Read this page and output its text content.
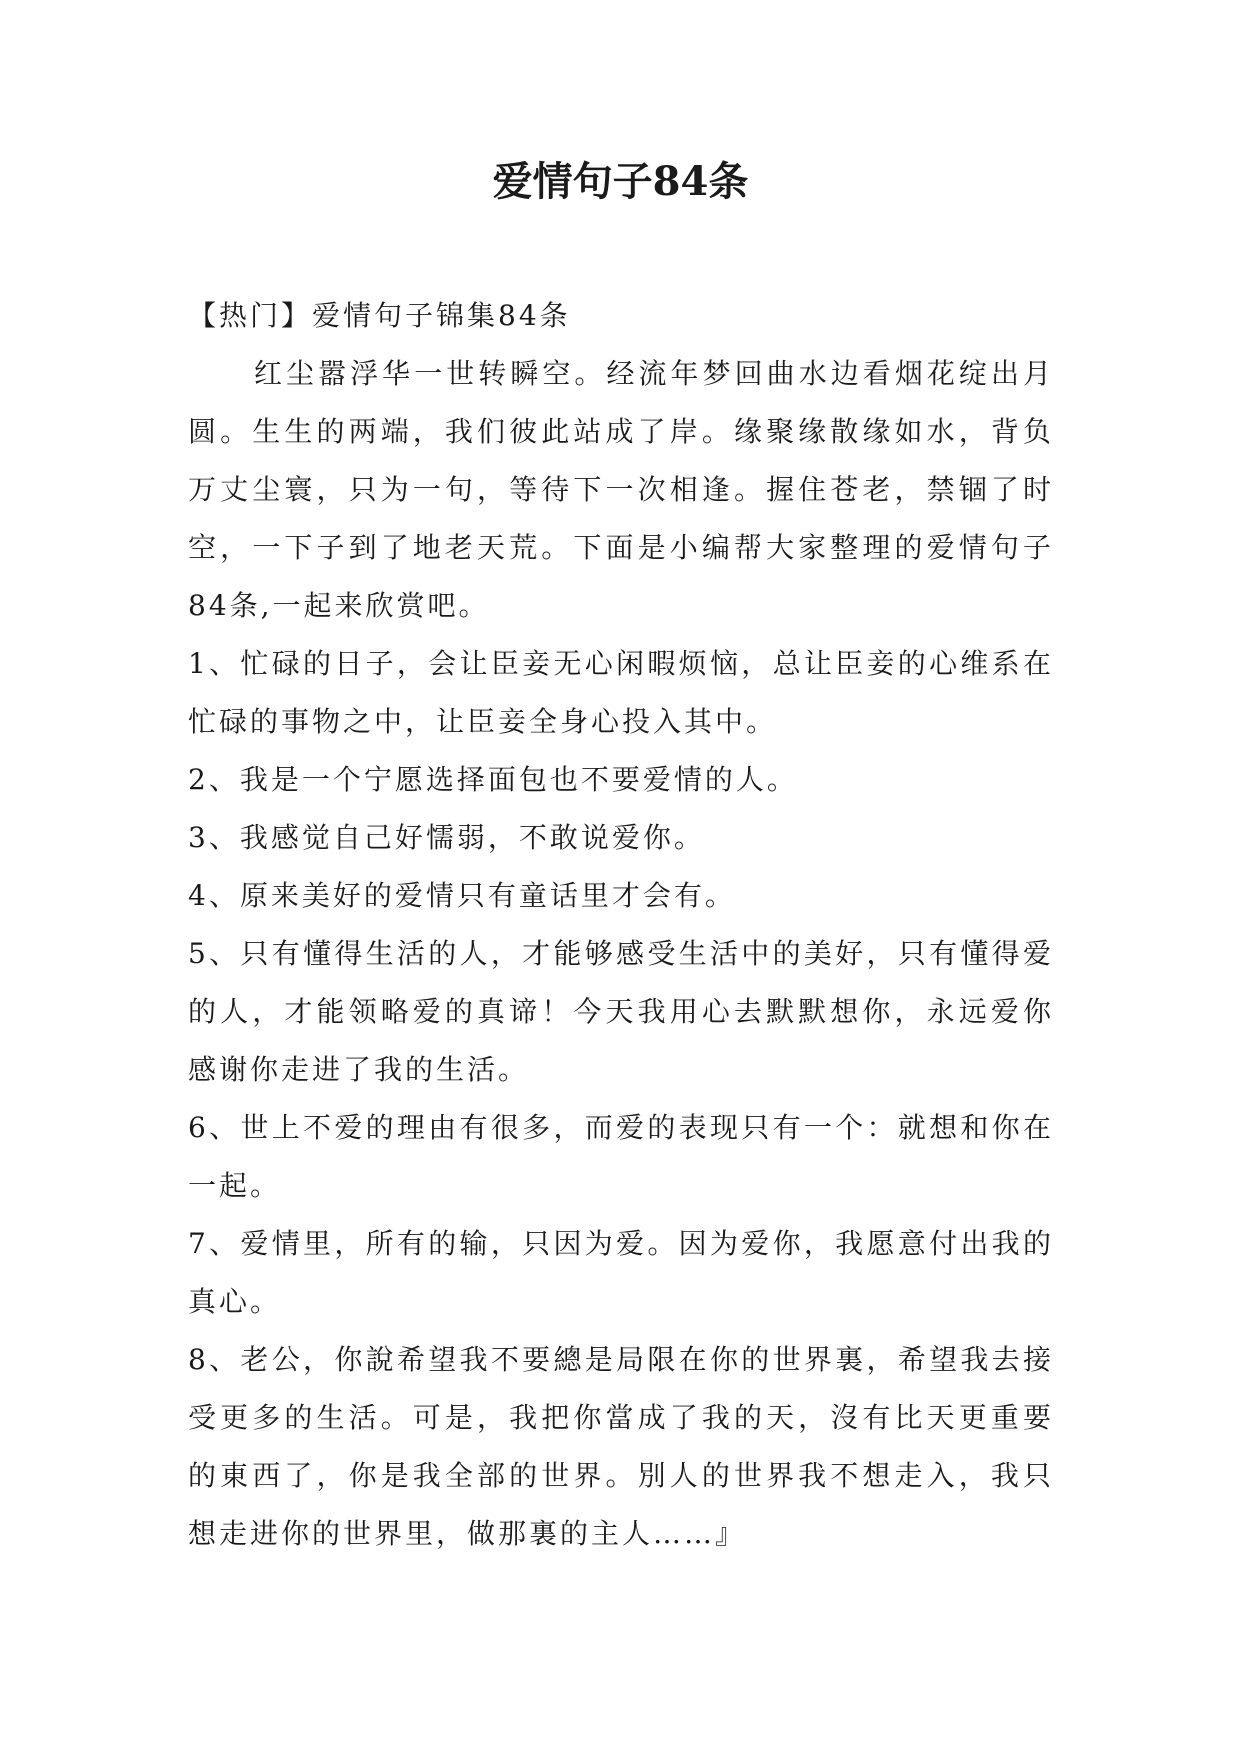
爱情句子84条

【热门】爱情句子锦集84条

红尘嚣浮华一世转瞬空。经流年梦回曲水边看烟花绽出月圆。生生的两端，我们彼此站成了岸。缘聚缘散缘如水，背负万丈尘寰，只为一句，等待下一次相逢。握住苍老，禁锢了时空，一下子到了地老天荒。下面是小编帮大家整理的爱情句子84条,一起来欣赏吧。

1、忙碌的日子，会让臣妾无心闲暇烦恼，总让臣妾的心维系在忙碌的事物之中，让臣妾全身心投入其中。

2、我是一个宁愿选择面包也不要爱情的人。

3、我感觉自己好懦弱，不敢说爱你。

4、原来美好的爱情只有童话里才会有。

5、只有懂得生活的人，才能够感受生活中的美好，只有懂得爱的人，才能领略爱的真谛！今天我用心去默默想你，永远爱你感谢你走进了我的生活。

6、世上不爱的理由有很多，而爱的表现只有一个：就想和你在一起。

7、爱情里，所有的输，只因为爱。因为爱你，我愿意付出我的真心。

8、老公，你說希望我不要總是局限在你的世界裏，希望我去接受更多的生活。可是，我把你當成了我的天，沒有比天更重要的東西了，你是我全部的世界。別人的世界我不想走入，我只想走进你的世界里，做那裏的主人……』
